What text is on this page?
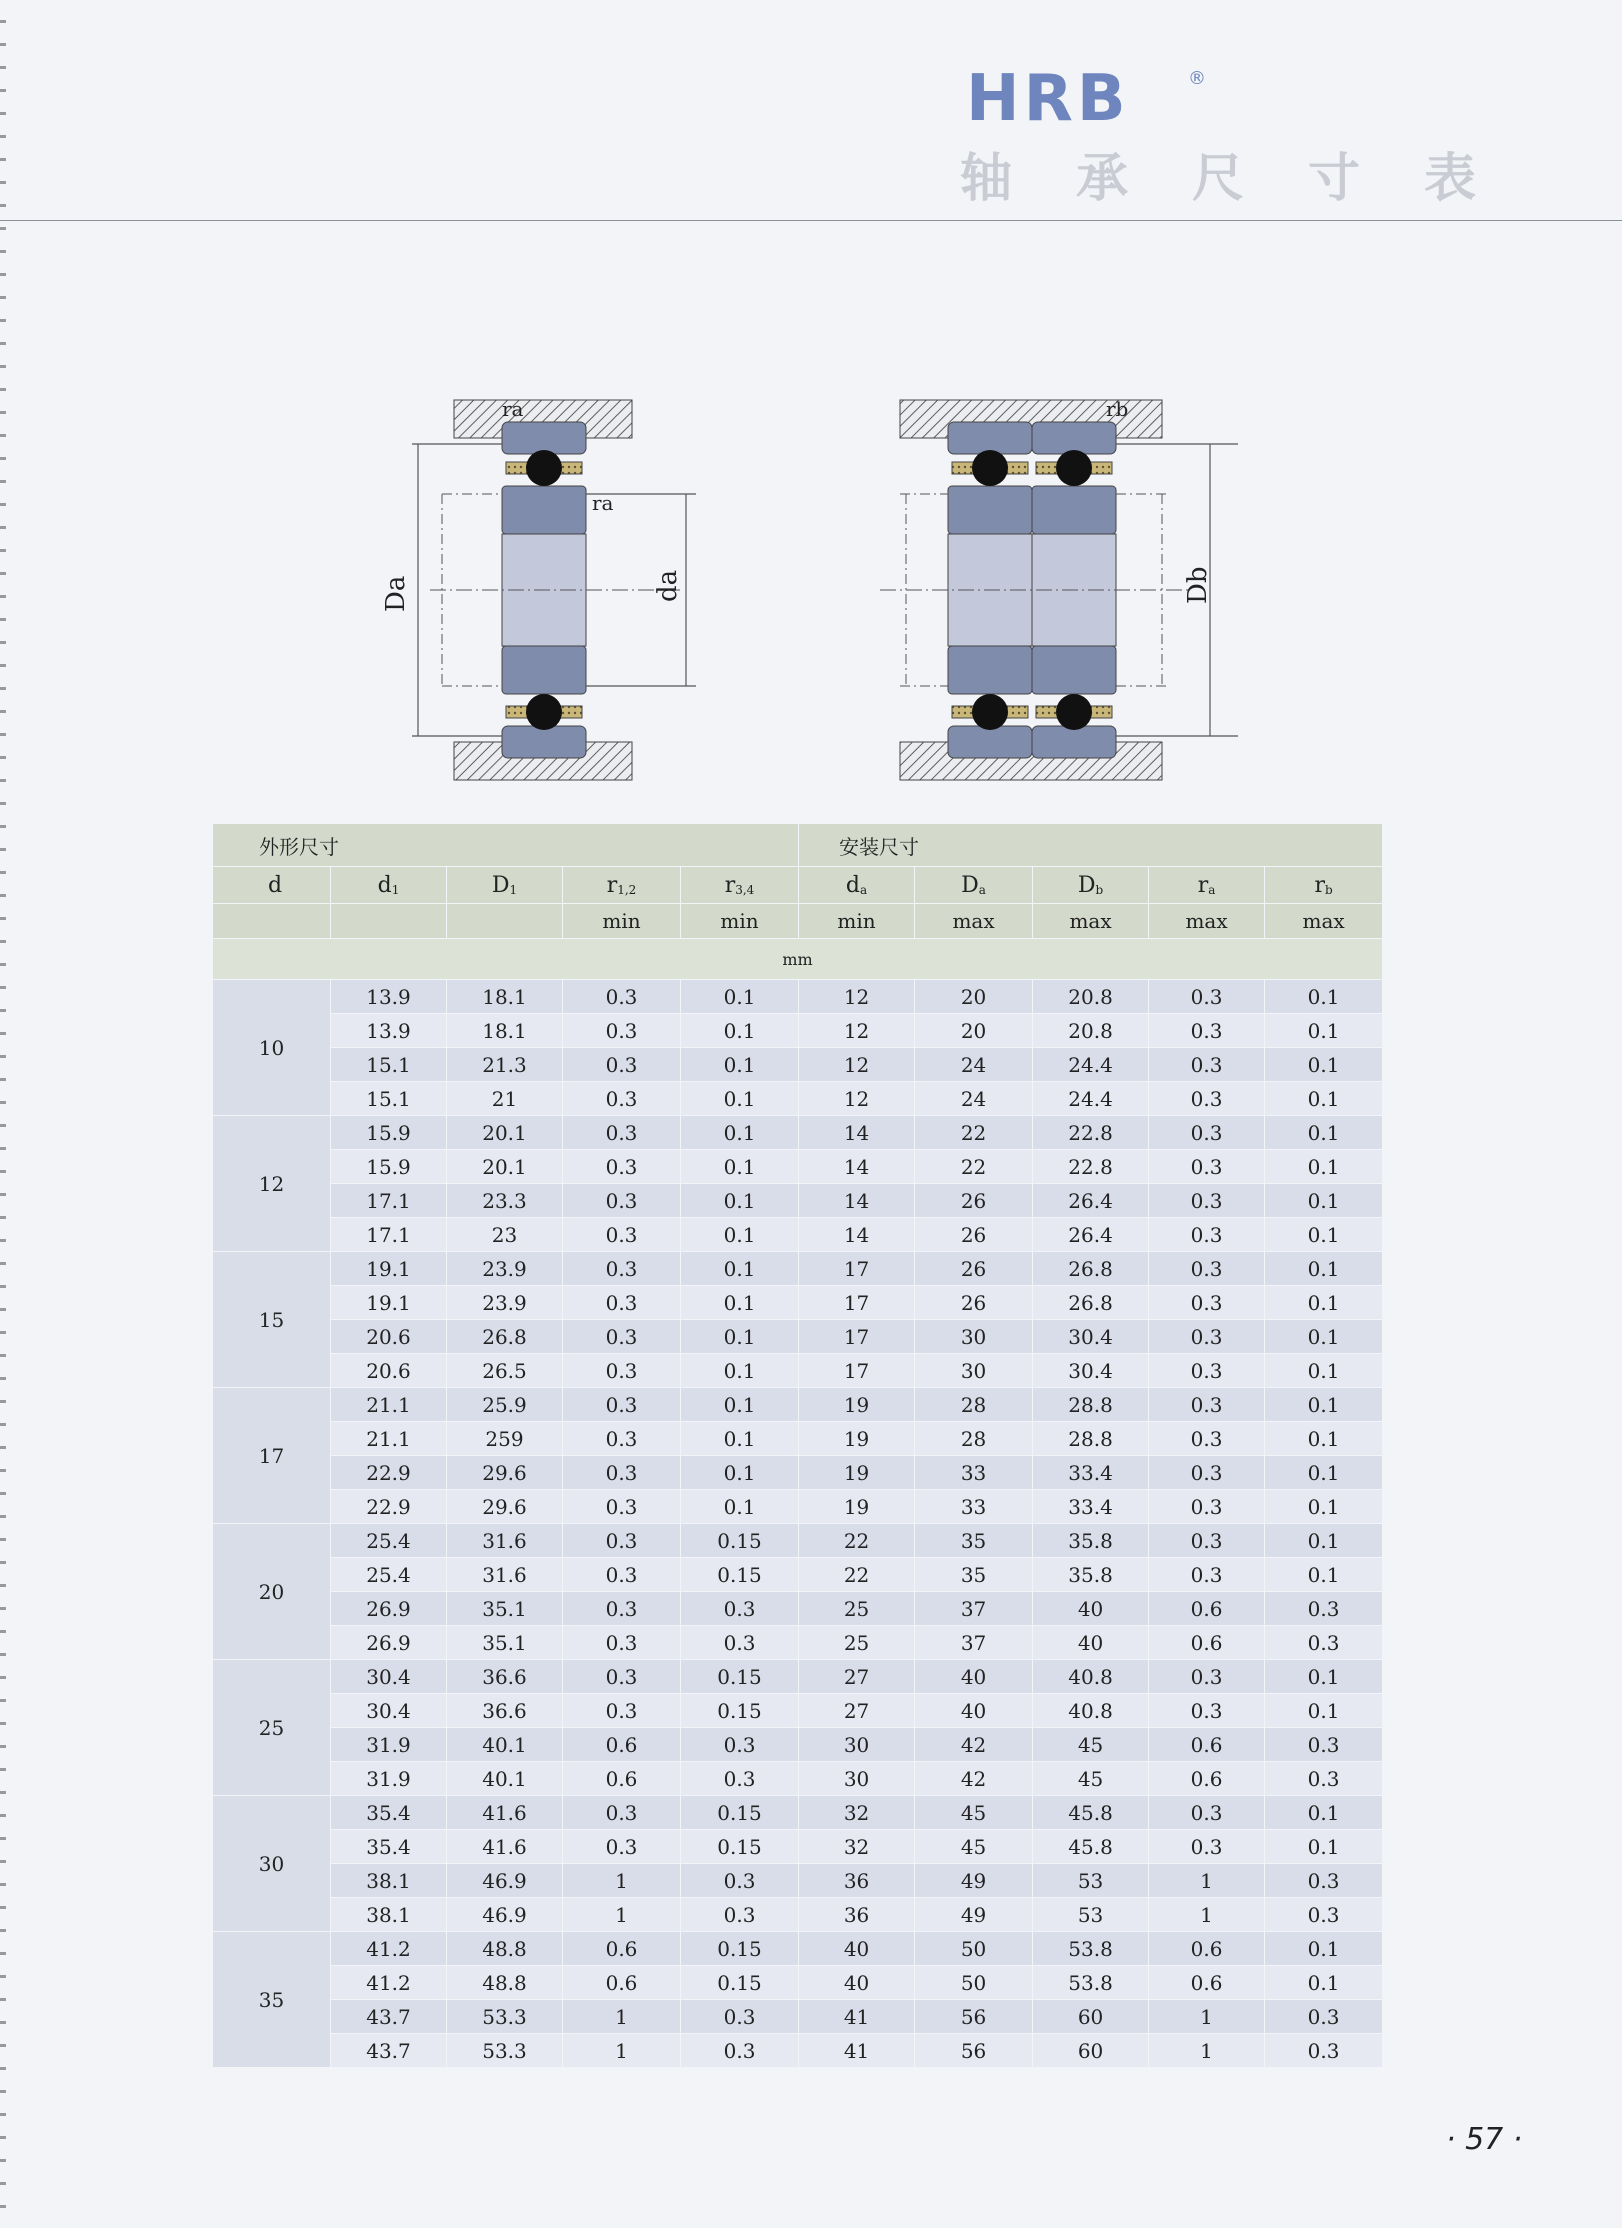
HRB	®
轴承尺寸表
Da	da
ra
ra
Db
rb
外形尺寸					安装尺寸				
d	$d_1$	$D_1$	$r_{1,2}$	$r_{3,4}$	$d_a$	$D_a$	$D_b$	$r_a$	$r_b$
			min	min	min	max	max	max	max
mm									
10	13.9	18.1	0.3	0.1	12	20	20.8	0.3	0.1
	13.9	18.1	0.3	0.1	12	20	20.8	0.3	0.1
	15.1	21.3	0.3	0.1	12	24	24.4	0.3	0.1
	15.1	21	0.3	0.1	12	24	24.4	0.3	0.1
12	15.9	20.1	0.3	0.1	14	22	22.8	0.3	0.1
	15.9	20.1	0.3	0.1	14	22	22.8	0.3	0.1
	17.1	23.3	0.3	0.1	14	26	26.4	0.3	0.1
	17.1	23	0.3	0.1	14	26	26.4	0.3	0.1
15	19.1	23.9	0.3	0.1	17	26	26.8	0.3	0.1
	19.1	23.9	0.3	0.1	17	26	26.8	0.3	0.1
	20.6	26.8	0.3	0.1	17	30	30.4	0.3	0.1
	20.6	26.5	0.3	0.1	17	30	30.4	0.3	0.1
17	21.1	25.9	0.3	0.1	19	28	28.8	0.3	0.1
	21.1	259	0.3	0.1	19	28	28.8	0.3	0.1
	22.9	29.6	0.3	0.1	19	33	33.4	0.3	0.1
	22.9	29.6	0.3	0.1	19	33	33.4	0.3	0.1
20	25.4	31.6	0.3	0.15	22	35	35.8	0.3	0.1
	25.4	31.6	0.3	0.15	22	35	35.8	0.3	0.1
	26.9	35.1	0.3	0.3	25	37	40	0.6	0.3
	26.9	35.1	0.3	0.3	25	37	40	0.6	0.3
25	30.4	36.6	0.3	0.15	27	40	40.8	0.3	0.1
	30.4	36.6	0.3	0.15	27	40	40.8	0.3	0.1
	31.9	40.1	0.6	0.3	30	42	45	0.6	0.3
	31.9	40.1	0.6	0.3	30	42	45	0.6	0.3
30	35.4	41.6	0.3	0.15	32	45	45.8	0.3	0.1
	35.4	41.6	0.3	0.15	32	45	45.8	0.3	0.1
	38.1	46.9	1	0.3	36	49	53	1	0.3
	38.1	46.9	1	0.3	36	49	53	1	0.3
35	41.2	48.8	0.6	0.15	40	50	53.8	0.6	0.1
	41.2	48.8	0.6	0.15	40	50	53.8	0.6	0.1
	43.7	53.3	1	0.3	41	56	60	1	0.3
	43.7	53.3	1	0.3	41	56	60	1	0.3
· 57 ·
